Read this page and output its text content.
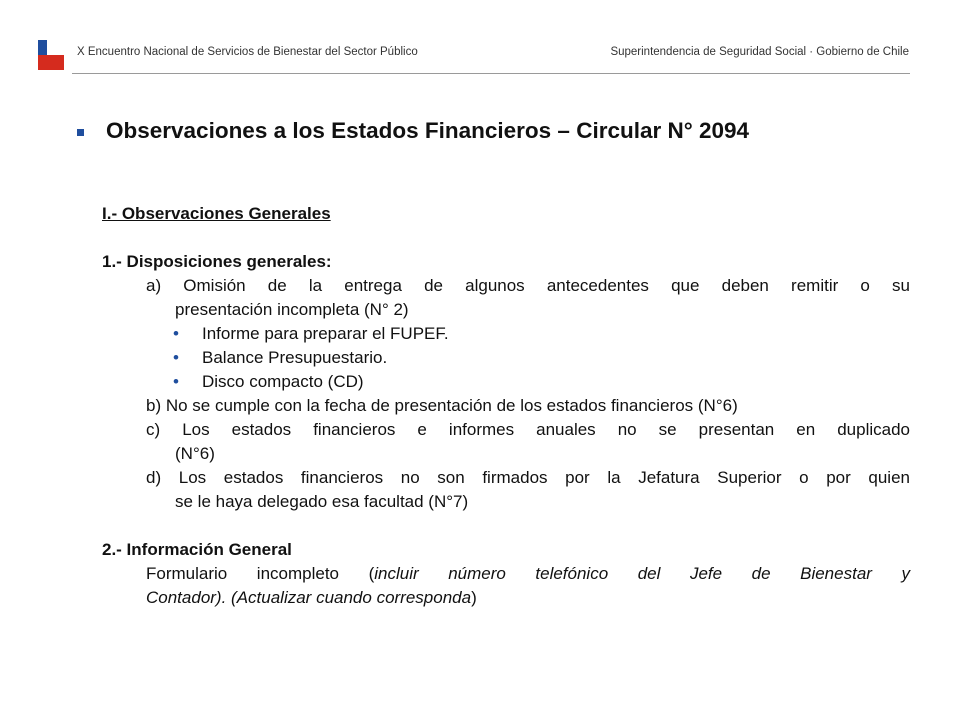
X Encuentro Nacional de Servicios de Bienestar del Sector Público	Superintendencia de Seguridad Social · Gobierno de Chile
Observaciones a los Estados Financieros – Circular N° 2094
I.- Observaciones Generales
1.- Disposiciones generales:
a) Omisión de la entrega de algunos antecedentes que deben remitir o su
presentación incompleta (N° 2)
• Informe para preparar el FUPEF.
• Balance Presupuestario.
• Disco compacto (CD)
b) No se cumple con la fecha de presentación de los estados financieros (N°6)
c) Los estados financieros e informes anuales no se presentan en duplicado
(N°6)
d) Los estados financieros no son firmados por la Jefatura Superior o por quien
se le haya delegado esa facultad (N°7)
2.- Información General
Formulario incompleto (incluir número telefónico del Jefe de Bienestar y
Contador). (Actualizar cuando corresponda)
